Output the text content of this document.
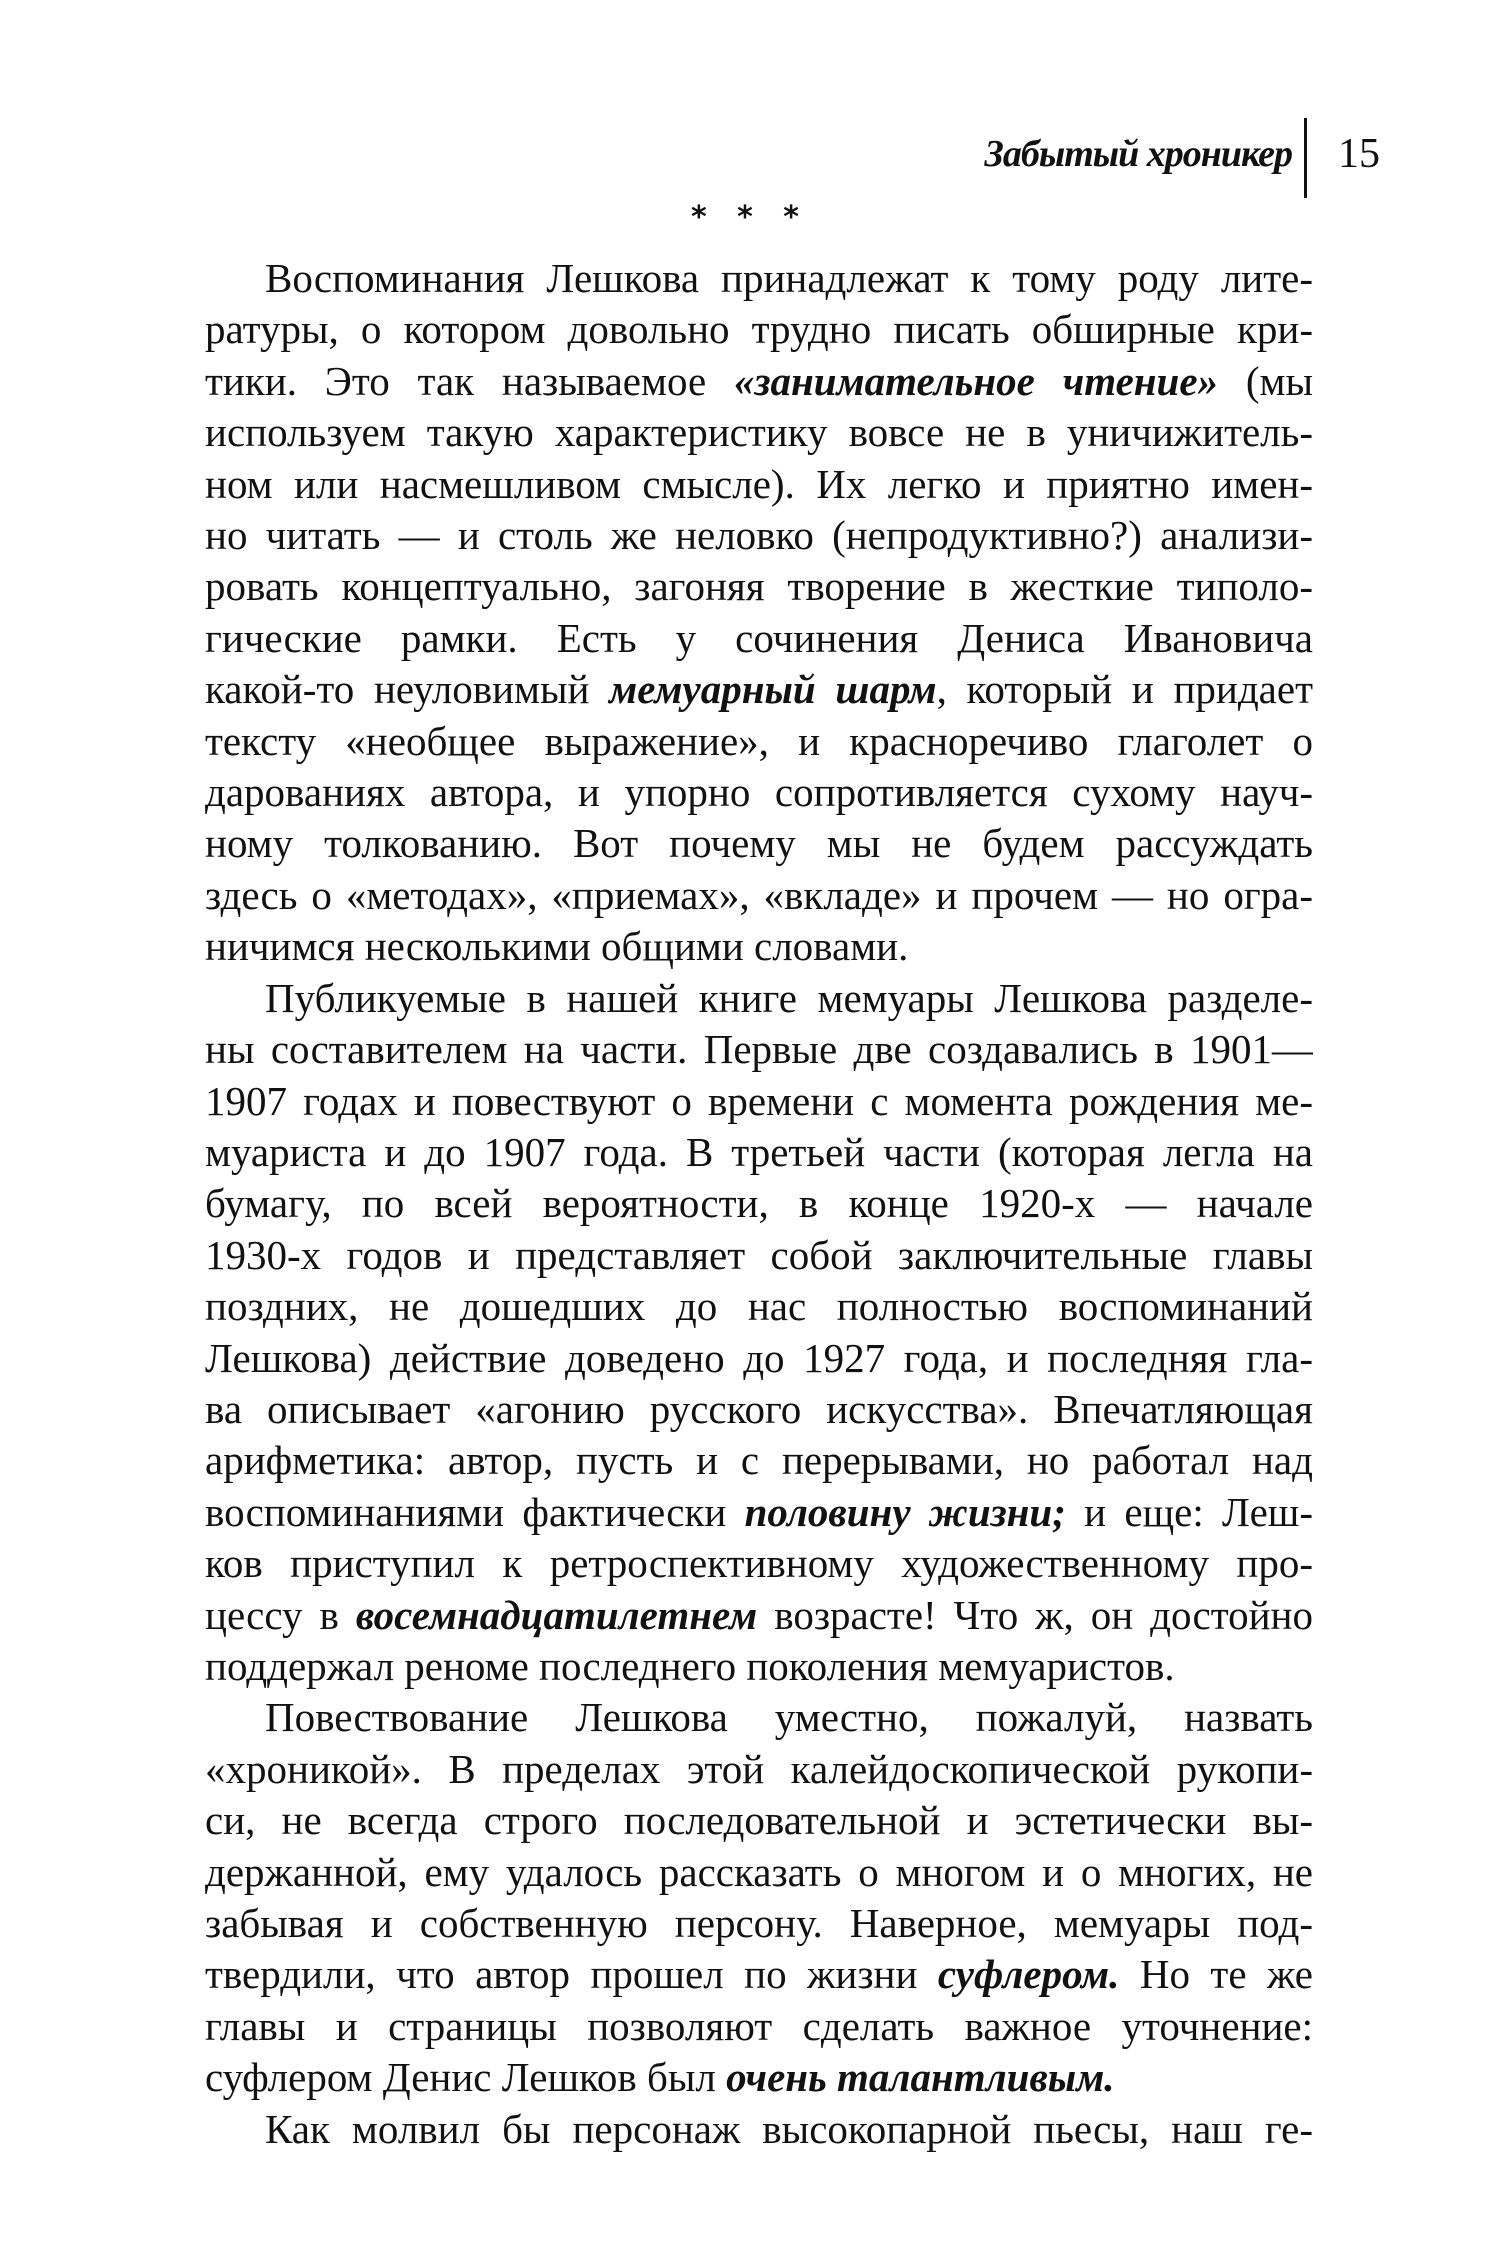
Забытый хроникер 15
* * *
Воспоминания Лешкова принадлежат к тому роду лите-
ратуры, о котором довольно трудно писать обширные кри-
тики. Это так называемое «занимательное чтение» (мы
используем такую характеристику вовсе не в уничижитель-
ном или насмешливом смысле). Их легко и приятно имен-
но читать — и столь же неловко (непродуктивно?) анализи-
ровать концептуально, загоняя творение в жесткие типоло-
гические рамки. Есть у сочинения Дениса Ивановича
какой-то неуловимый мемуарный шарм, который и придает
тексту «необщее выражение», и красноречиво глаголет о
дарованиях автора, и упорно сопротивляется сухому науч-
ному толкованию. Вот почему мы не будем рассуждать
здесь о «методах», «приемах», «вкладе» и прочем — но огра-
ничимся несколькими общими словами.
Публикуемые в нашей книге мемуары Лешкова разделе-
ны составителем на части. Первые две создавались в 1901—
1907 годах и повествуют о времени с момента рождения ме-
муариста и до 1907 года. В третьей части (которая легла на
бумагу, по всей вероятности, в конце 1920-х — начале
1930-х годов и представляет собой заключительные главы
поздних, не дошедших до нас полностью воспоминаний
Лешкова) действие доведено до 1927 года, и последняя гла-
ва описывает «агонию русского искусства». Впечатляющая
арифметика: автор, пусть и с перерывами, но работал над
воспоминаниями фактически половину жизни; и еще: Леш-
ков приступил к ретроспективному художественному про-
цессу в восемнадцатилетнем возрасте! Что ж, он достойно
поддержал реноме последнего поколения мемуаристов.
Повествование Лешкова уместно, пожалуй, назвать
«хроникой». В пределах этой калейдоскопической рукопи-
си, не всегда строго последовательной и эстетически вы-
держанной, ему удалось рассказать о многом и о многих, не
забывая и собственную персону. Наверное, мемуары под-
твердили, что автор прошел по жизни суфлером. Но те же
главы и страницы позволяют сделать важное уточнение:
суфлером Денис Лешков был очень талантливым.
Как молвил бы персонаж высокопарной пьесы, наш ге-
